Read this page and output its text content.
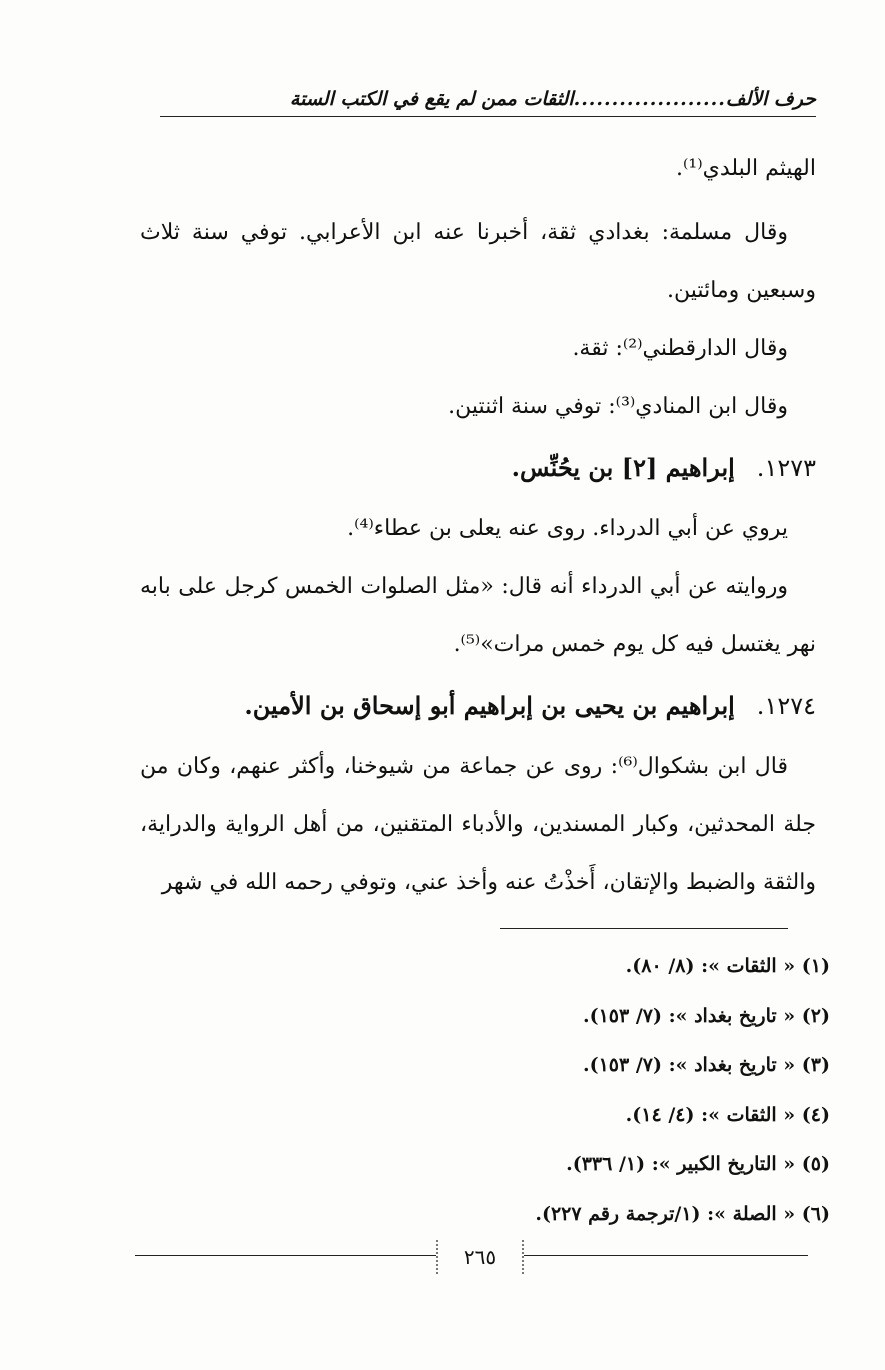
حرف الألف
....................
الثقات ممن لم يقع في الكتب الستة

الهيثم البلدي⁽¹⁾.

وقال مسلمة: بغدادي ثقة، أخبرنا عنه ابن الأعرابي. توفي سنة ثلاث وسبعين ومائتين.

وقال الدارقطني⁽²⁾: ثقة.

وقال ابن المنادي⁽³⁾: توفي سنة اثنتين.

١٢٧٣.إبراهيم [٢] بن يحُنِّس.

يروي عن أبي الدرداء. روى عنه يعلى بن عطاء⁽⁴⁾.

وروايته عن أبي الدرداء أنه قال: «مثل الصلوات الخمس كرجل على بابه نهر يغتسل فيه كل يوم خمس مرات»⁽⁵⁾.

١٢٧٤.إبراهيم بن يحيى بن إبراهيم أبو إسحاق بن الأمين.

قال ابن بشكوال⁽⁶⁾: روى عن جماعة من شيوخنا، وأكثر عنهم، وكان من جلة المحدثين، وكبار المسندين، والأدباء المتقنين، من أهل الرواية والدراية، والثقة والضبط والإتقان، أَخذْتُ عنه وأخذ عني، وتوفي رحمه الله في شهر

(١) « الثقات »: (٨/ ٨٠).
(٢) « تاريخ بغداد »: (٧/ ١٥٣).
(٣) « تاريخ بغداد »: (٧/ ١٥٣).
(٤) « الثقات »: (٤/ ١٤).
(٥) « التاريخ الكبير »: (١/ ٣٣٦).
(٦) « الصلة »: (١/ترجمة رقم ٢٢٧).
٢٦٥
